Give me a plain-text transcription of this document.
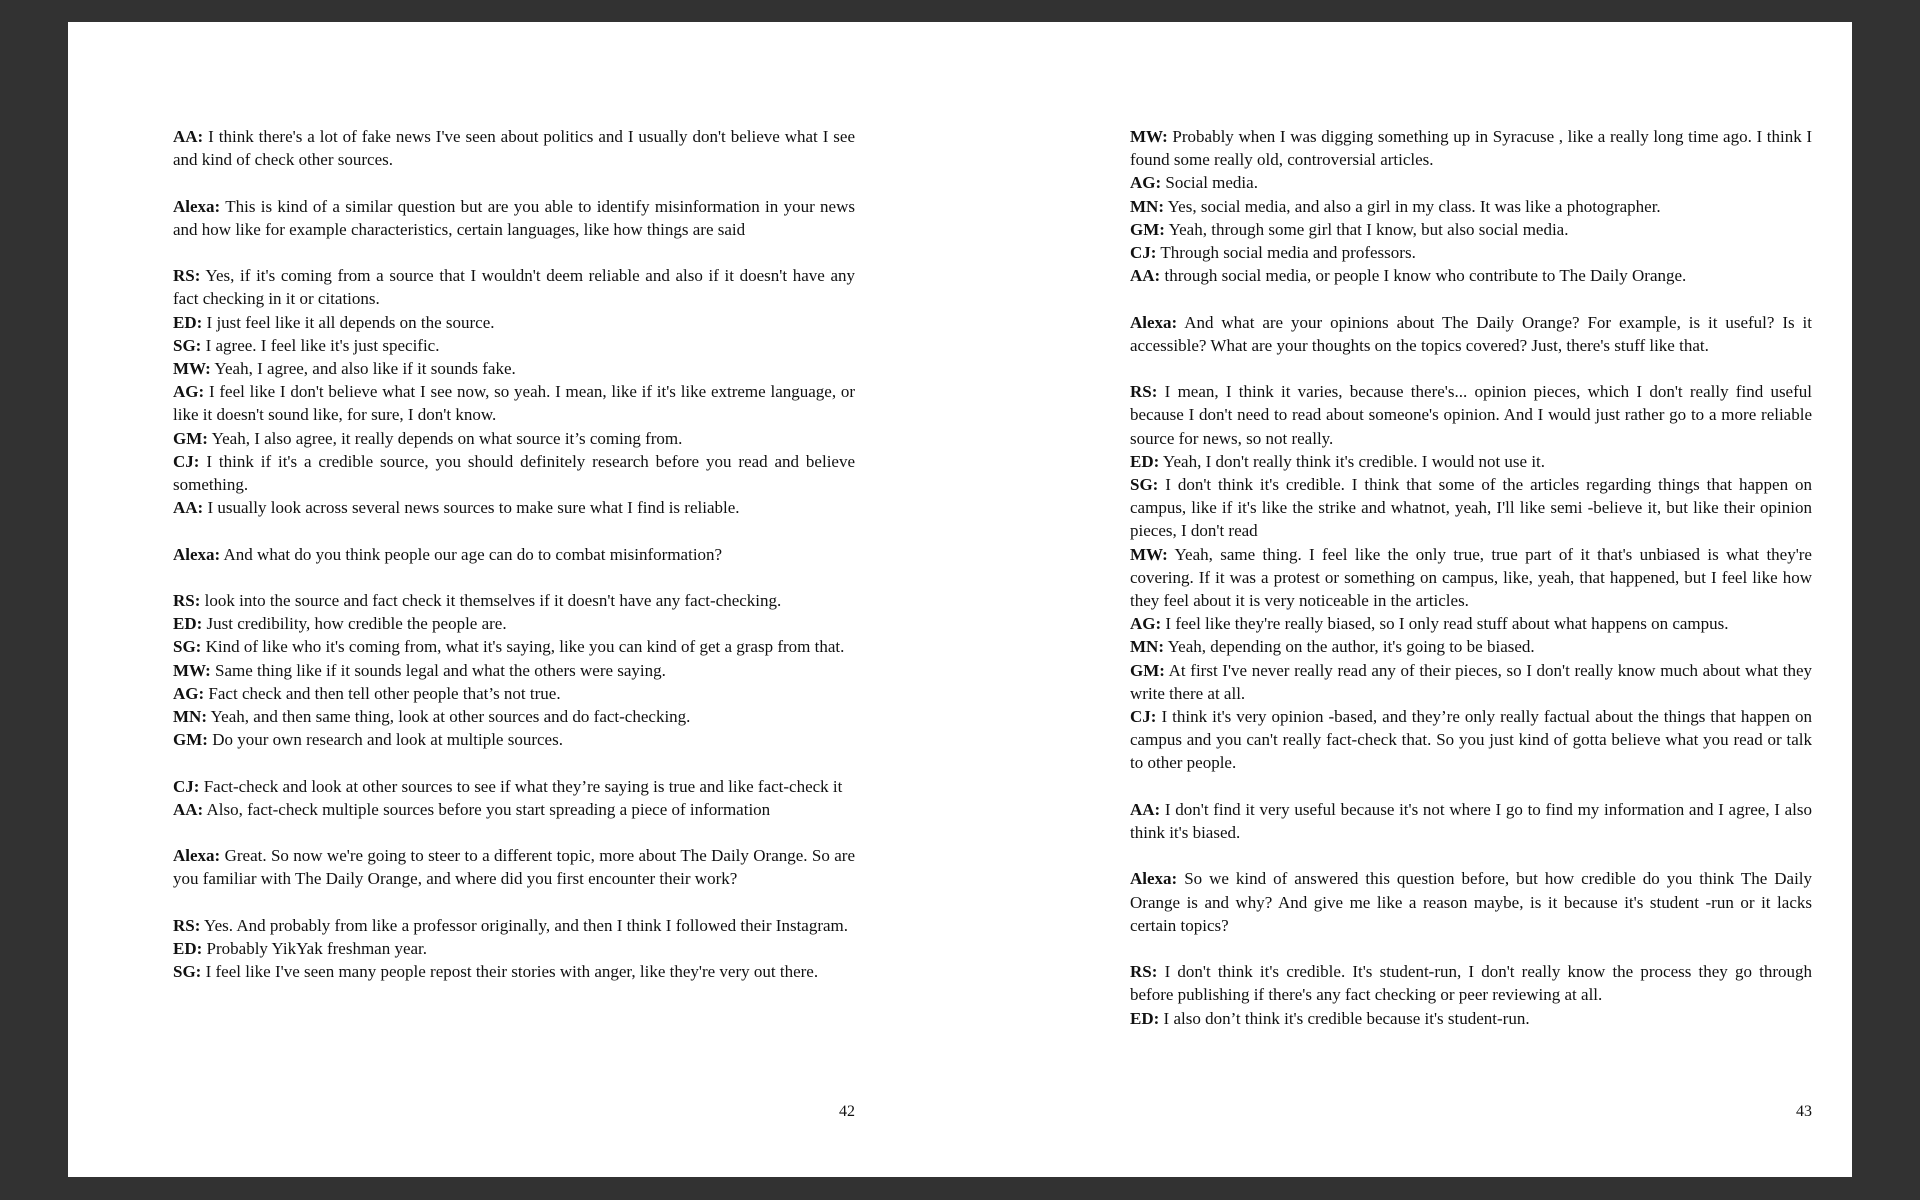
AA: I think there's a lot of fake news I've seen about politics and I usually don't believe what I see and kind of check other sources.

Alexa: This is kind of a similar question but are you able to identify misinformation in your news and how like for example characteristics, certain languages, like how things are said

RS: Yes, if it's coming from a source that I wouldn't deem reliable and also if it doesn't have any fact checking in it or citations.

ED: I just feel like it all depends on the source.

SG: I agree. I feel like it's just specific.

MW: Yeah, I agree, and also like if it sounds fake.

AG: I feel like I don't believe what I see now, so yeah. I mean, like if it's like extreme language, or like it doesn't sound like, for sure, I don't know.

GM: Yeah, I also agree, it really depends on what source it’s coming from.

CJ: I think if it's a credible source, you should definitely research before you read and believe something.

AA: I usually look across several news sources to make sure what I find is reliable.

Alexa: And what do you think people our age can do to combat misinformation?

RS: look into the source and fact check it themselves if it doesn't have any fact-checking.

ED: Just credibility, how credible the people are.

SG: Kind of like who it's coming from, what it's saying, like you can kind of get a grasp from that.

MW: Same thing like if it sounds legal and what the others were saying.

AG: Fact check and then tell other people that’s not true.

MN: Yeah, and then same thing, look at other sources and do fact-checking.

GM: Do your own research and look at multiple sources.

CJ: Fact-check and look at other sources to see if what they’re saying is true and like fact-check it

AA: Also, fact-check multiple sources before you start spreading a piece of information

Alexa: Great. So now we're going to steer to a different topic, more about The Daily Orange. So are you familiar with The Daily Orange, and where did you first encounter their work?

RS: Yes. And probably from like a professor originally, and then I think I followed their Instagram.

ED: Probably YikYak freshman year.

SG: I feel like I've seen many people repost their stories with anger, like they're very out there.

42

MW: Probably when I was digging something up in Syracuse , like a really long time ago. I think I found some really old, controversial articles.

AG: Social media.

MN: Yes, social media, and also a girl in my class. It was like a photographer.

GM: Yeah, through some girl that I know, but also social media.

CJ: Through social media and professors.

AA: through social media, or people I know who contribute to The Daily Orange.

Alexa: And what are your opinions about The Daily Orange? For example, is it useful? Is it accessible? What are your thoughts on the topics covered? Just, there's stuff like that.

RS: I mean, I think it varies, because there's... opinion pieces, which I don't really find useful because I don't need to read about someone's opinion. And I would just rather go to a more reliable source for news, so not really.

ED: Yeah, I don't really think it's credible. I would not use it.

SG: I don't think it's credible. I think that some of the articles regarding things that happen on campus, like if it's like the strike and whatnot, yeah, I'll like semi -believe it, but like their opinion pieces, I don't read

MW: Yeah, same thing. I feel like the only true, true part of it that's unbiased is what they're covering. If it was a protest or something on campus, like, yeah, that happened, but I feel like how they feel about it is very noticeable in the articles.

AG: I feel like they're really biased, so I only read stuff about what happens on campus.

MN: Yeah, depending on the author, it's going to be biased.

GM: At first I've never really read any of their pieces, so I don't really know much about what they write there at all.

CJ: I think it's very opinion -based, and they’re only really factual about the things that happen on campus and you can't really fact-check that. So you just kind of gotta believe what you read or talk to other people.

AA: I don't find it very useful because it's not where I go to find my information and I agree, I also think it's biased.

Alexa: So we kind of answered this question before, but how credible do you think The Daily Orange is and why? And give me like a reason maybe, is it because it's student -run or it lacks certain topics?

RS: I don't think it's credible. It's student-run, I don't really know the process they go through before publishing if there's any fact checking or peer reviewing at all.

ED: I also don’t think it's credible because it's student-run.

43
